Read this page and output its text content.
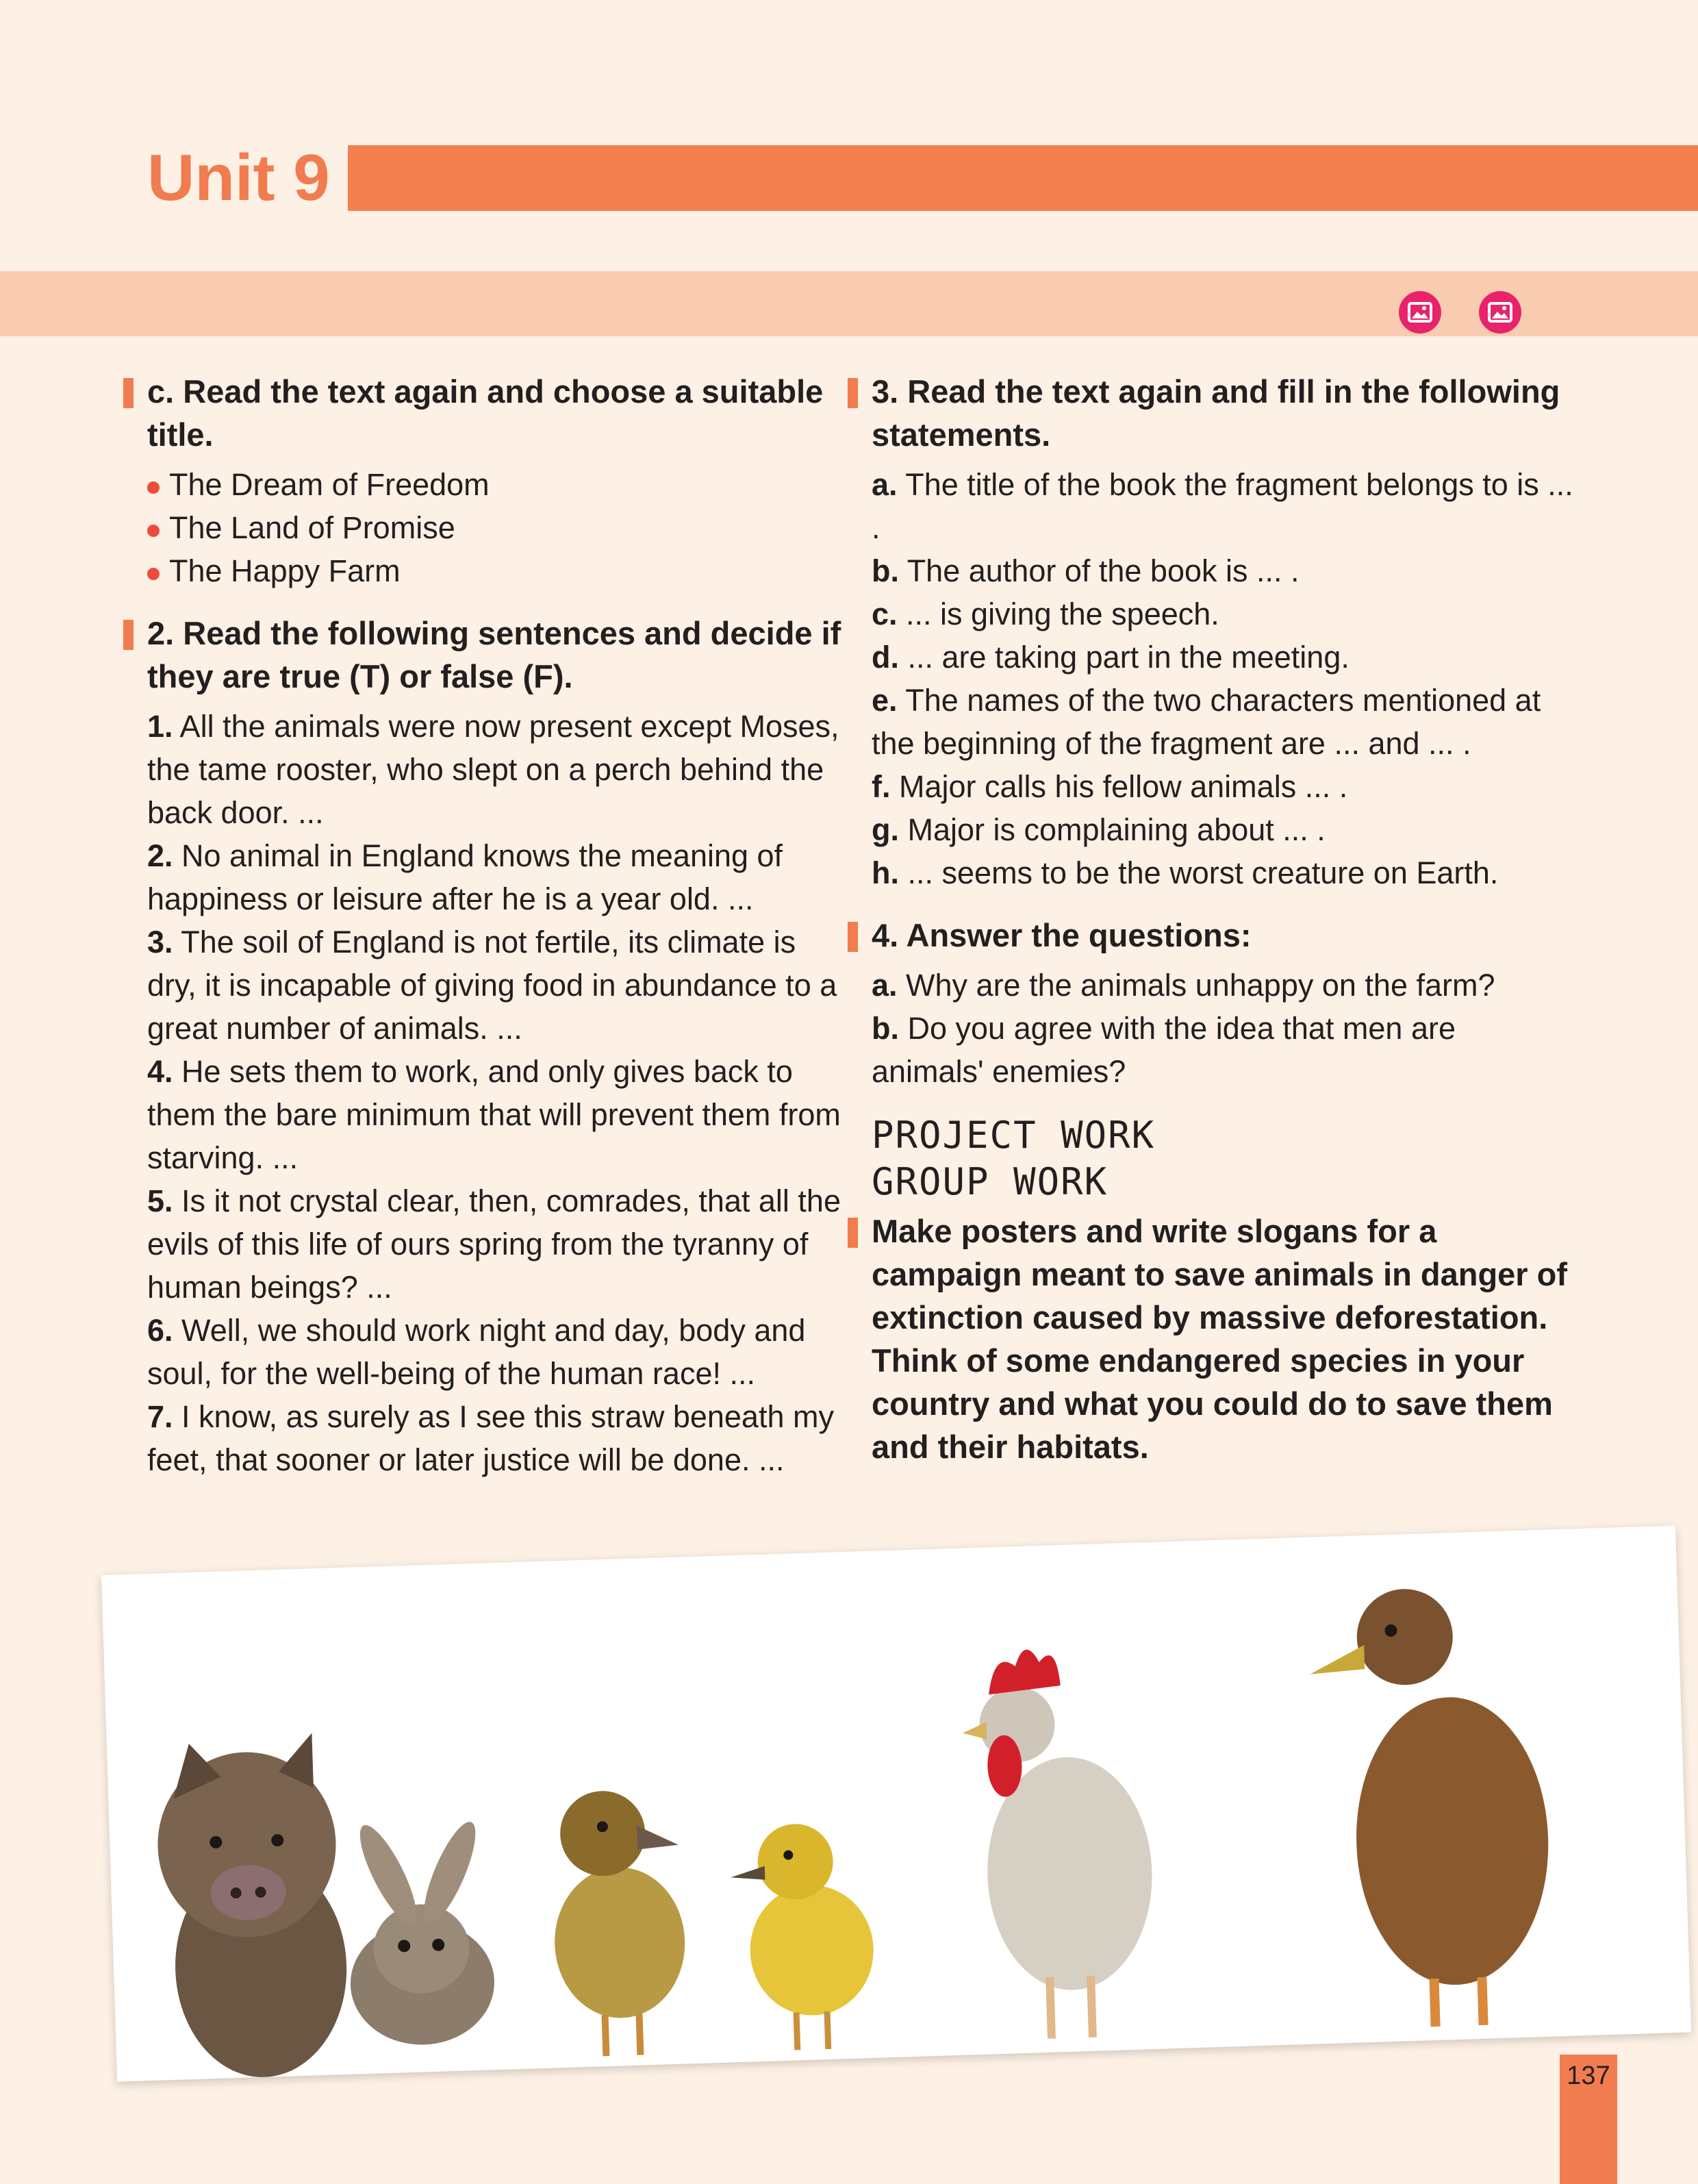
Unit 9

c. Read the text again and choose a suitable title.

The Dream of Freedom
The Land of Promise
The Happy Farm

2. Read the following sentences and decide if they are true (T) or false (F).

1. All the animals were now present except Moses, the tame rooster, who slept on a perch behind the back door. ...
2. No animal in England knows the meaning of happiness or leisure after he is a year old. ...
3. The soil of England is not fertile, its climate is dry, it is incapable of giving food in abundance to a great number of animals. ...
4. He sets them to work, and only gives back to them the bare minimum that will prevent them from starving. ...
5. Is it not crystal clear, then, comrades, that all the evils of this life of ours spring from the tyranny of human beings? ...
6. Well, we should work night and day, body and soul, for the well-being of the human race! ...
7. I know, as surely as I see this straw beneath my feet, that sooner or later justice will be done. ...

3. Read the text again and fill in the following statements.

a. The title of the book the fragment belongs to is ... .
b. The author of the book is ... .
c. ... is giving the speech.
d. ... are taking part in the meeting.
e. The names of the two characters mentioned at the beginning of the fragment are ... and ... .
f. Major calls his fellow animals ... .
g. Major is complaining about ... .
h. ... seems to be the worst creature on Earth.

4. Answer the questions:

a. Why are the animals unhappy on the farm?
b. Do you agree with the idea that men are animals' enemies?

PROJECT WORK

GROUP WORK

Make posters and write slogans for a campaign meant to save animals in danger of extinction caused by massive deforestation. Think of some endangered species in your country and what you could do to save them and their habitats.

137
